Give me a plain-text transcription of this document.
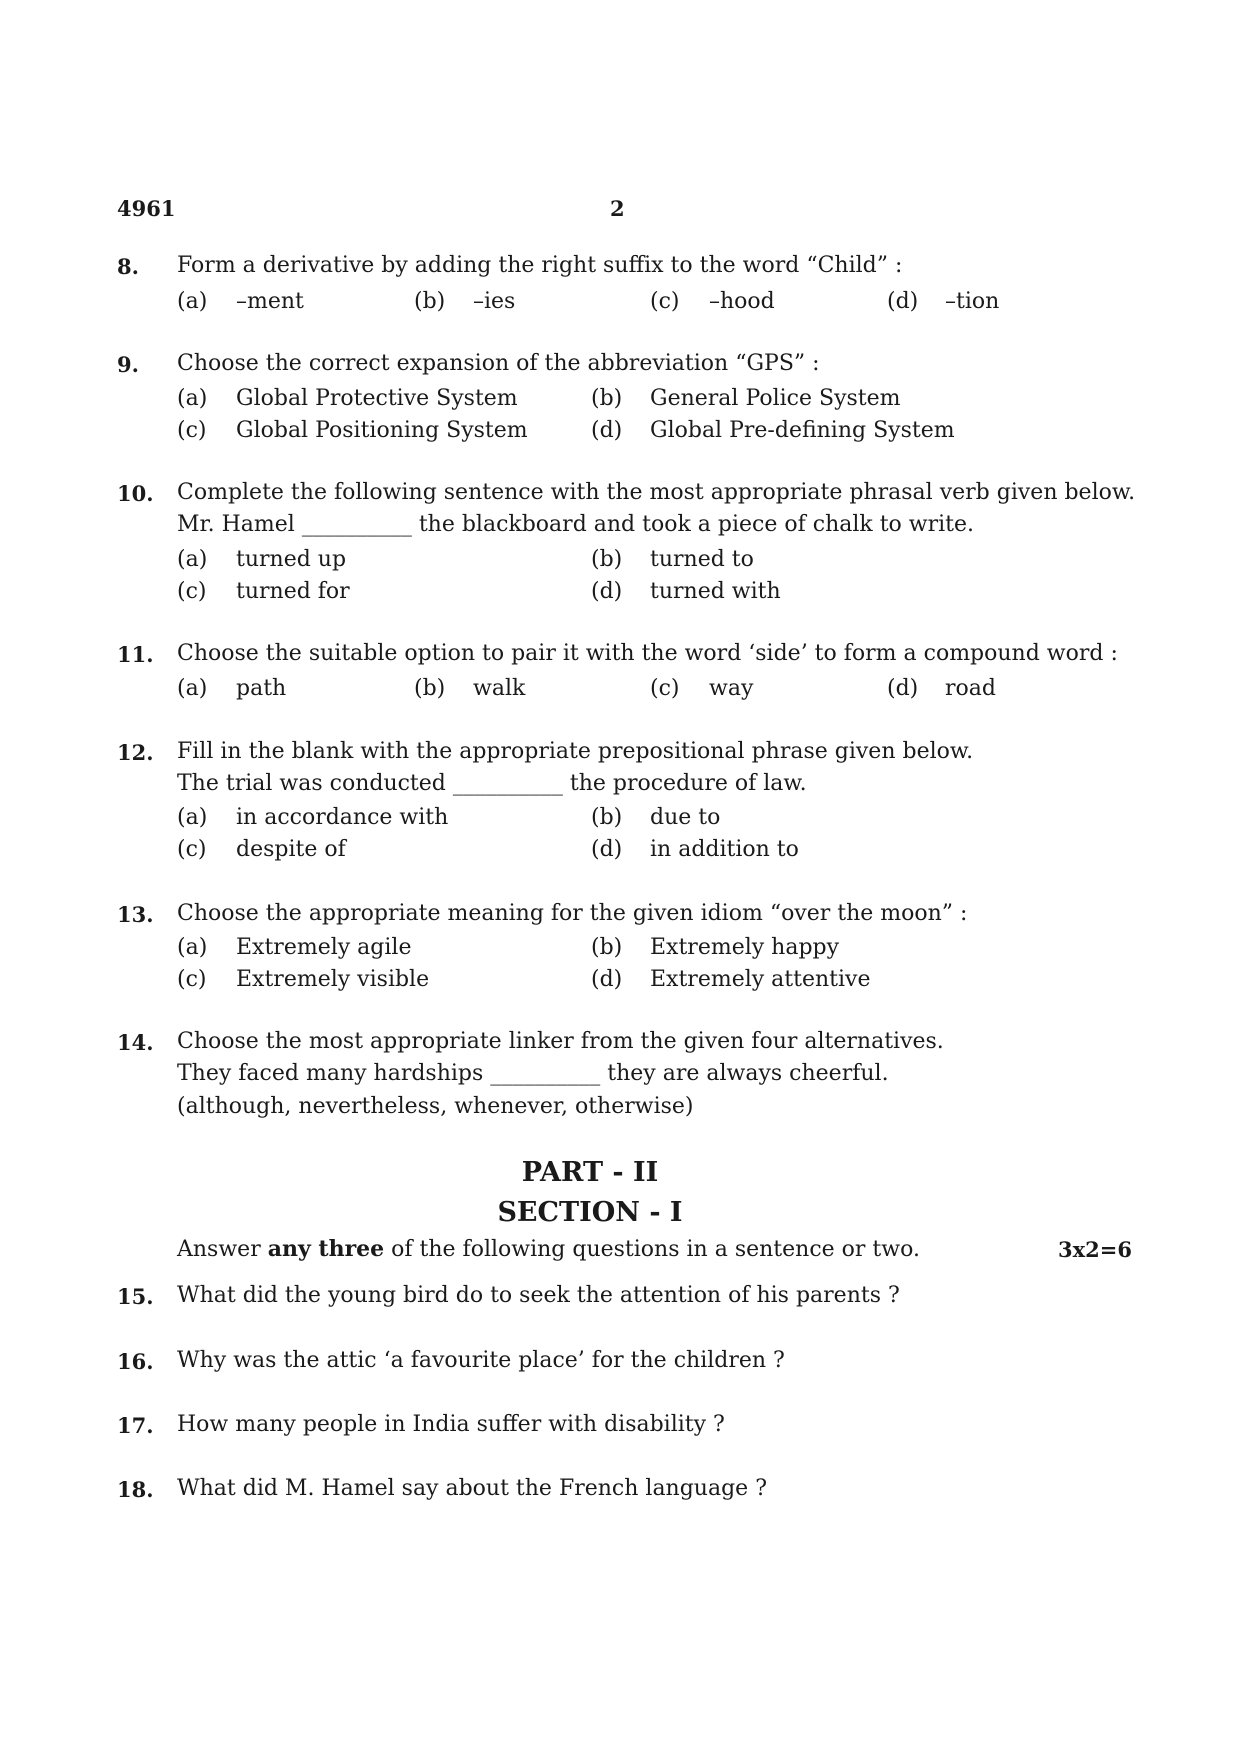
4961	2
8. Form a derivative by adding the right suffix to the word “Child” :
(a) –ment	(b) –ies	(c) –hood	(d) –tion
9. Choose the correct expansion of the abbreviation “GPS” :
(a) Global Protective System	(b) General Police System
(c) Global Positioning System	(d) Global Pre-defining System
10. Complete the following sentence with the most appropriate phrasal verb given below.
Mr. Hamel __________ the blackboard and took a piece of chalk to write.
(a) turned up	(b) turned to
(c) turned for	(d) turned with
11. Choose the suitable option to pair it with the word ‘side’ to form a compound word :
(a) path	(b) walk	(c) way	(d) road
12. Fill in the blank with the appropriate prepositional phrase given below.
The trial was conducted __________ the procedure of law.
(a) in accordance with	(b) due to
(c) despite of	(d) in addition to
13. Choose the appropriate meaning for the given idiom “over the moon” :
(a) Extremely agile	(b) Extremely happy
(c) Extremely visible	(d) Extremely attentive
14. Choose the most appropriate linker from the given four alternatives.
They faced many hardships __________ they are always cheerful.
(although, nevertheless, whenever, otherwise)
PART - II
SECTION - I
Answer any three of the following questions in a sentence or two.	3x2=6
15. What did the young bird do to seek the attention of his parents ?
16. Why was the attic ‘a favourite place’ for the children ?
17. How many people in India suffer with disability ?
18. What did M. Hamel say about the French language ?
